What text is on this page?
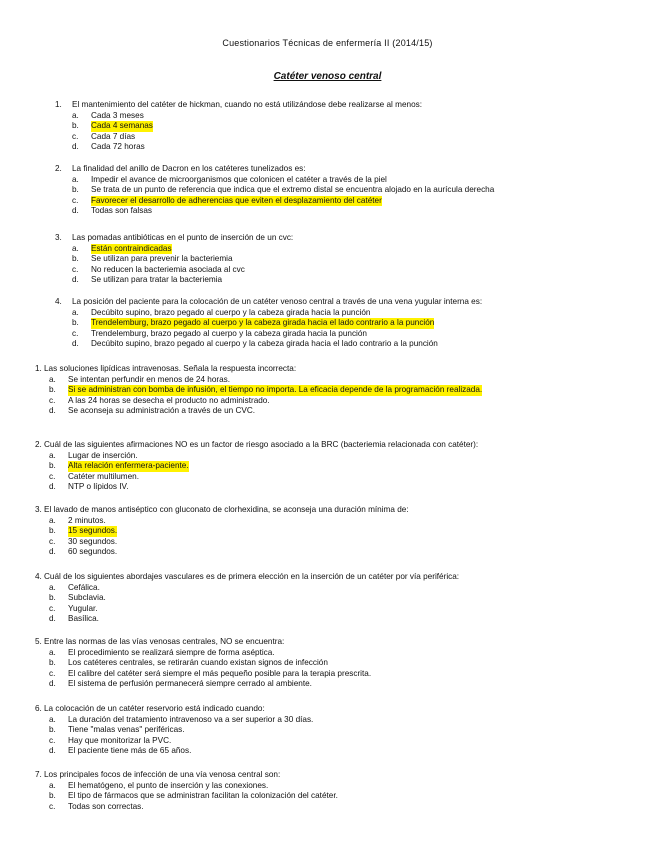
Cuestionarios Técnicas de enfermería II (2014/15)
Catéter venoso central
1. El mantenimiento del catéter de hickman, cuando no está utilizándose debe realizarse al menos:
a.	Cada 3 meses
b.	Cada 4 semanas
c.	Cada 7 días
d.	Cada 72 horas
2. La finalidad del anillo de Dacron en los catéteres tunelizados es:
a.	Impedir el avance de microorganismos que colonicen el catéter a través de la piel
b.	Se trata de un punto de referencia que indica que el extremo distal se encuentra alojado en la aurícula derecha
c.	Favorecer el desarrollo de adherencias que eviten el desplazamiento del catéter
d.	Todas son falsas
3. Las pomadas antibióticas en el punto de inserción de un cvc:
a.	Están contraindicadas
b.	Se utilizan para prevenir la bacteriemia
c.	No reducen la bacteriemia asociada al cvc
d.	Se utilizan para tratar la bacteriemia
4. La posición del paciente para la colocación de un catéter venoso central a través de una vena yugular interna es:
a.	Decúbito supino, brazo pegado al cuerpo y la cabeza girada hacia la punción
b.	Trendelemburg, brazo pegado al cuerpo y la cabeza girada hacia el lado contrario a la punción
c.	Trendelemburg, brazo pegado al cuerpo y la cabeza girada hacia la punción
d.	Decúbito supino, brazo pegado al cuerpo y la cabeza girada hacia el lado contrario a la punción
1. Las soluciones lipídicas intravenosas. Señala la respuesta incorrecta:
a.	Se intentan perfundir en menos de 24 horas.
b.	Si se administran con bomba de infusión, el tiempo no importa. La eficacia depende de la programación realizada.
c.	A las 24 horas se desecha el producto no administrado.
d.	Se aconseja su administración a través de un CVC.
2. Cuál de las siguientes afirmaciones NO es un factor de riesgo asociado a la BRC (bacteriemia relacionada con catéter):
a.	Lugar de inserción.
b.	Alta relación enfermera-paciente.
c.	Catéter multilumen.
d.	NTP o lípidos IV.
3. El lavado de manos antiséptico con gluconato de clorhexidina, se aconseja una duración mínima de:
a.	2 minutos.
b.	15 segundos.
c.	30 segundos.
d.	60 segundos.
4. Cuál de los siguientes abordajes vasculares es de primera elección en la inserción de un catéter por vía periférica:
a.	Cefálica.
b.	Subclavia.
c.	Yugular.
d.	Basílica.
5. Entre las normas de las vías venosas centrales, NO se encuentra:
a.	El procedimiento se realizará siempre de forma aséptica.
b.	Los catéteres centrales, se retirarán cuando existan signos de infección
c.	El calibre del catéter será siempre el más pequeño posible para la terapia prescrita.
d.	El sistema de perfusión permanecerá siempre cerrado al ambiente.
6. La colocación de un catéter reservorio está indicado cuando:
a.	La duración del tratamiento intravenoso va a ser superior a 30 días.
b.	Tiene "malas venas" periféricas.
c.	Hay que monitorizar la PVC.
d.	El paciente tiene más de 65 años.
7. Los principales focos de infección de una vía venosa central son:
a.	El hematógeno, el punto de inserción y las conexiones.
b.	El tipo de fármacos que se administran facilitan la colonización del catéter.
c.	Todas son correctas.
